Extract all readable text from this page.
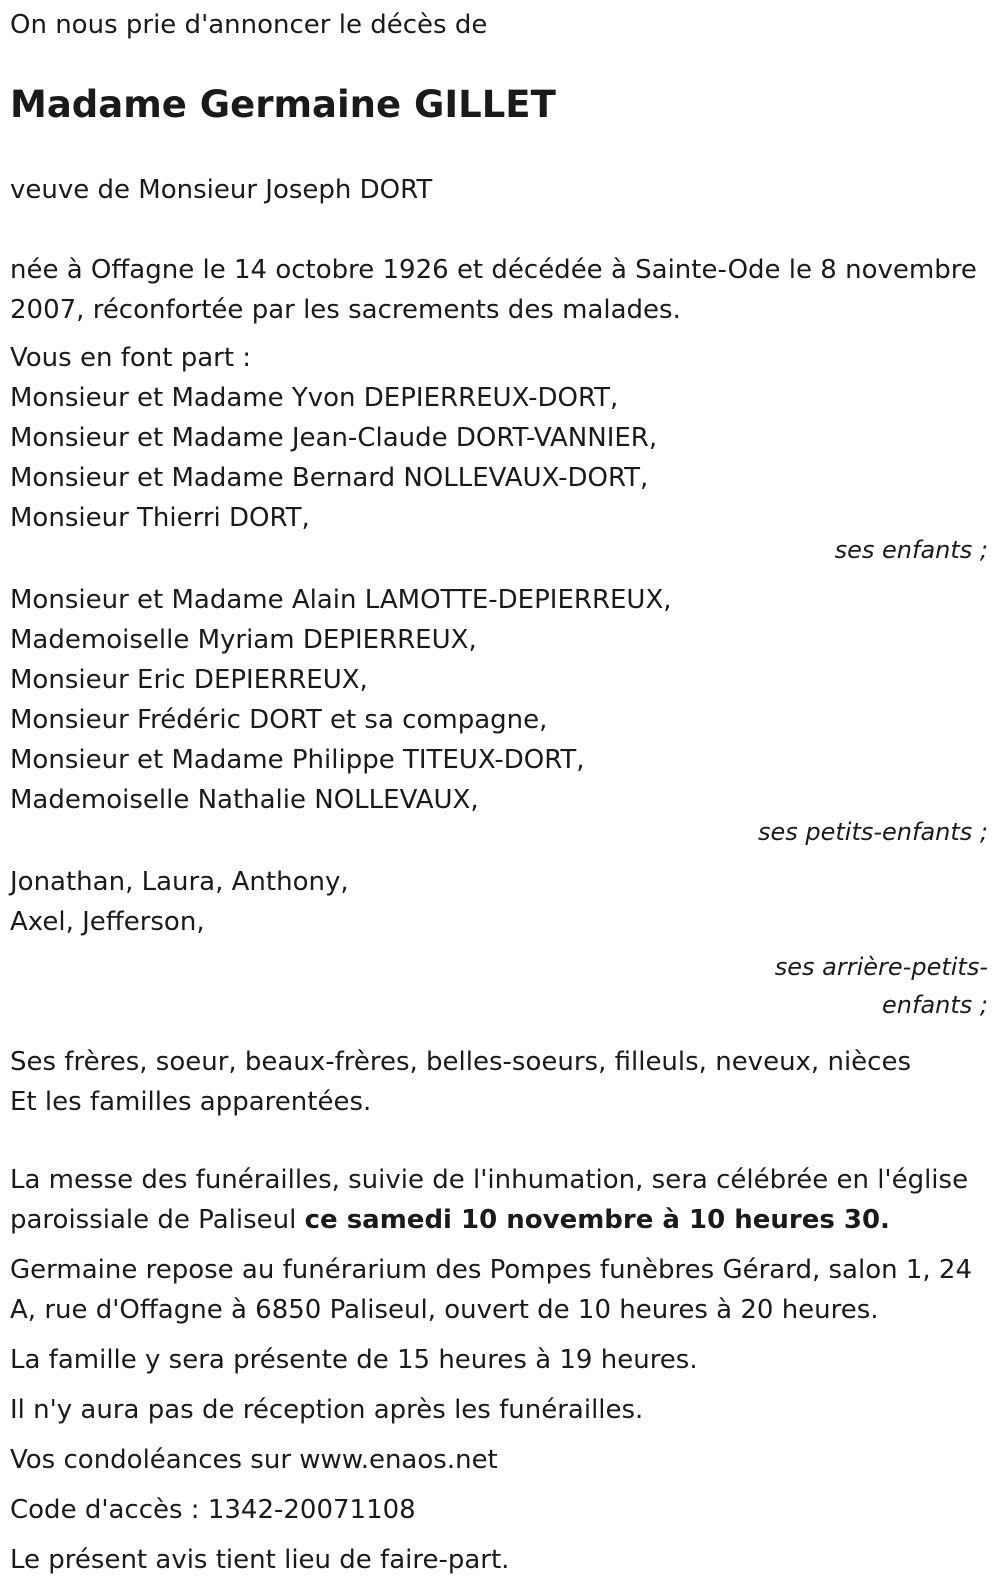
On nous prie d'annoncer le décès de

Madame Germaine GILLET

veuve de Monsieur Joseph DORT

née à Offagne le 14 octobre 1926 et décédée à Sainte-Ode le 8 novembre 2007, réconfortée par les sacrements des malades.

Vous en font part :
Monsieur et Madame Yvon DEPIERREUX-DORT,
Monsieur et Madame Jean-Claude DORT-VANNIER,
Monsieur et Madame Bernard NOLLEVAUX-DORT,
Monsieur Thierri DORT,
ses enfants ;
Monsieur et Madame Alain LAMOTTE-DEPIERREUX,
Mademoiselle Myriam DEPIERREUX,
Monsieur Eric DEPIERREUX,
Monsieur Frédéric DORT et sa compagne,
Monsieur et Madame Philippe TITEUX-DORT,
Mademoiselle Nathalie NOLLEVAUX,
ses petits-enfants ;
Jonathan, Laura, Anthony,
Axel, Jefferson,
ses arrière-petits-enfants ;
Ses frères, soeur, beaux-frères, belles-soeurs, filleuls, neveux, nièces
Et les familles apparentées.

La messe des funérailles, suivie de l'inhumation, sera célébrée en l'église paroissiale de Paliseul ce samedi 10 novembre à 10 heures 30.

Germaine repose au funérarium des Pompes funèbres Gérard, salon 1, 24 A, rue d'Offagne à 6850 Paliseul, ouvert de 10 heures à 20 heures.

La famille y sera présente de 15 heures à 19 heures.

Il n'y aura pas de réception après les funérailles.

Vos condoléances sur www.enaos.net

Code d'accès : 1342-20071108

Le présent avis tient lieu de faire-part.
